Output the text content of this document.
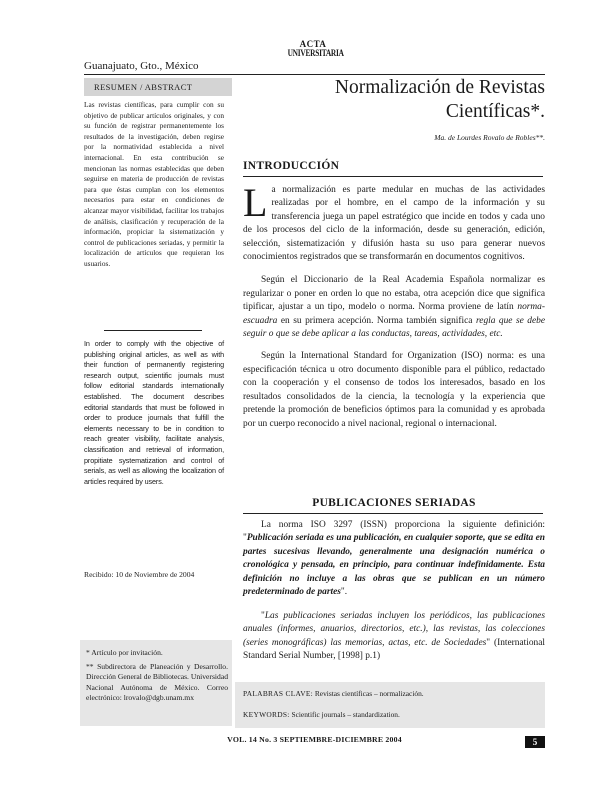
Guanajuato, Gto., México
ACTA
UNIVERSITARIA
RESUMEN / ABSTRACT	Normalización de Revistas
Científicas*.
Ma. de Lourdes Rovalo de Robles**.

Las revistas científicas, para cumplir con su objetivo de publicar artículos originales, y con su función de registrar permanentemente los resultados de la investigación, deben regirse por la normatividad establecida a nivel internacional. En esta contribución se mencionan las normas establecidas que deben seguirse en materia de producción de revistas para que éstas cumplan con los elementos necesarios para estar en condiciones de alcanzar mayor visibilidad, facilitar los trabajos de análisis, clasificación y recuperación de la información, propiciar la sistematización y control de publicaciones seriadas, y permitir la localización de artículos que requieran los usuarios.

In order to comply with the objective of publishing original articles, as well as with their function of permanently registering research output, scientific journals must follow editorial standards internationally established. The document describes editorial standards that must be followed in order to produce journals that fulfill the elements necessary to be in condition to reach greater visibility, facilitate analysis, classification and retrieval of information, propitiate systematization and control of serials, as well as allowing the localization of articles required by users.
Recibido: 10 de Noviembre de 2004
* Artículo por invitación.
** Subdirectora de Planeación y Desarrollo. Dirección General de Bibliotecas. Universidad Nacional Autónoma de México. Correo electrónico: lrovalo@dgb.unam.mx
INTRODUCCIÓN

La normalización es parte medular en muchas de las actividades realizadas por el hombre, en el campo de la información y su transferencia juega un papel estratégico que incide en todos y cada uno de los procesos del ciclo de la información, desde su generación, edición, selección, sistematización y difusión hasta su uso para generar nuevos conocimientos registrados que se transformarán en documentos cognitivos.

Según el Diccionario de la Real Academia Española normalizar es regularizar o poner en orden lo que no estaba, otra acepción dice que significa tipificar, ajustar a un tipo, modelo o norma. Norma proviene de latín norma-escuadra en su primera acepción. Norma también significa regla que se debe seguir o que se debe aplicar a las conductas, tareas, actividades, etc.

Según la International Standard for Organization (ISO) norma: es una especificación técnica u otro documento disponible para el público, redactado con la cooperación y el consenso de todos los interesados, basado en los resultados consolidados de la ciencia, la tecnología y la experiencia que pretende la promoción de beneficios óptimos para la comunidad y es aprobada por un cuerpo reconocido a nivel nacional, regional o internacional.

PUBLICACIONES SERIADAS

La norma ISO 3297 (ISSN) proporciona la siguiente definición: "Publicación seriada es una publicación, en cualquier soporte, que se edita en partes sucesivas llevando, generalmente una designación numérica o cronológica y pensada, en principio, para continuar indefinidamente. Esta definición no incluye a las obras que se publican en un número predeterminado de partes".

"Las publicaciones seriadas incluyen los periódicos, las publicaciones anuales (informes, anuarios, directorios, etc.), las revistas, las colecciones (series monográficas) las memorias, actas, etc. de Sociedades" (International Standard Serial Number, [1998] p.1)

PALABRAS CLAVE: Revistas científicas – normalización.
KEYWORDS: Scientific journals – standardization.
VOL. 14 No. 3 SEPTIEMBRE-DICIEMBRE 2004	5
